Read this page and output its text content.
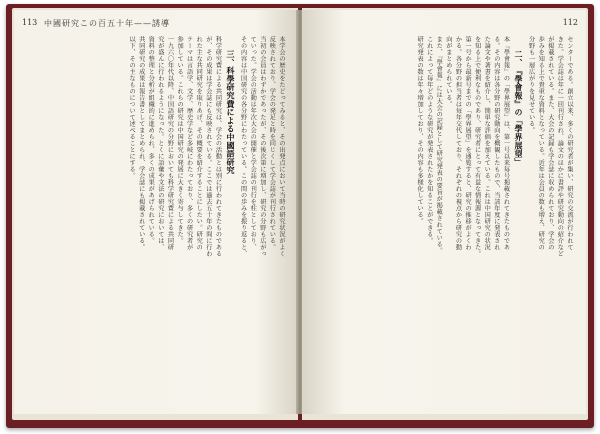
113 中國研究この百五十年——誘導
本学会の歴史をたどってみると、その出発点において当時の研究状況がよく
反映されており、学会の発足と時を同じくして学会誌が刊行されている。
当初の会員はわずかであったが、その後次第に増加し、研究の分野も広がっ
ていった。学会の活動は年次大会の開催と学会誌の刊行を柱としており、
その内容は中国研究の各分野にわたっている。この間の歩みを振り返ると、
三、科學研究費による中國語研究
科学研究費による共同研究は、学会の活動とは別に行われてきたものである
が、その成果は学会誌にも反映されている。ここでは過去五十年の間に行わ
れた主な共同研究を取りあげ、その概要を紹介することにしたい。研究の
テーマは言語学、文学、歴史学など多岐にわたっており、多くの研究者が
参加している。これらの研究は中国研究の発展に大きく寄与してきた。
一九六〇年代以降、中国語研究の分野においても科学研究費による共同研
究が盛んに行われるようになった。とくに語彙や文法の研究においては、
資料の整理と分析が組織的に進められ、多くの成果があげられている。
共同研究の成果は報告書としてまとめられ、学会誌にも掲載されている。
以下、その主なものについて述べることにする。
112
センターである。創立以来、多くの研究者が集い、研究の交流が行われて
きた。学会誌は年に一回刊行され、論文のほかに書評や研究動向の紹介など
が掲載されている。また、大会の記録も学会誌に収められており、学会の
歩みを知る上で貴重な資料となっている。近年は会員の数も増え、研究の
分野も一層広がりを見せている。
二、『學會報』の「學界展望」
本『學會報』の「學界展望」は、第一号以来毎号掲載されてきたものであ
る。その内容は各分野の研究動向を概観したもので、当該年度に発表され
た論文や著書を紹介し、簡単な評価を加えている。これは中国研究の状況
を知る上で便利なものであり、研究者にとって有益な情報源となってきた。
第一号から最新号までの「學界展望」を通覧すると、研究の推移がよくわ
かる。各分野の担当者は毎年交代しており、それぞれの視点から研究の動
向がまとめられている。
また、『學會報』には大会の記録として研究発表の要旨が掲載されている。
これによって毎年どのような研究が発表されたかを知ることができる。
研究発表の数は年々増加しており、その内容も多様化している。
